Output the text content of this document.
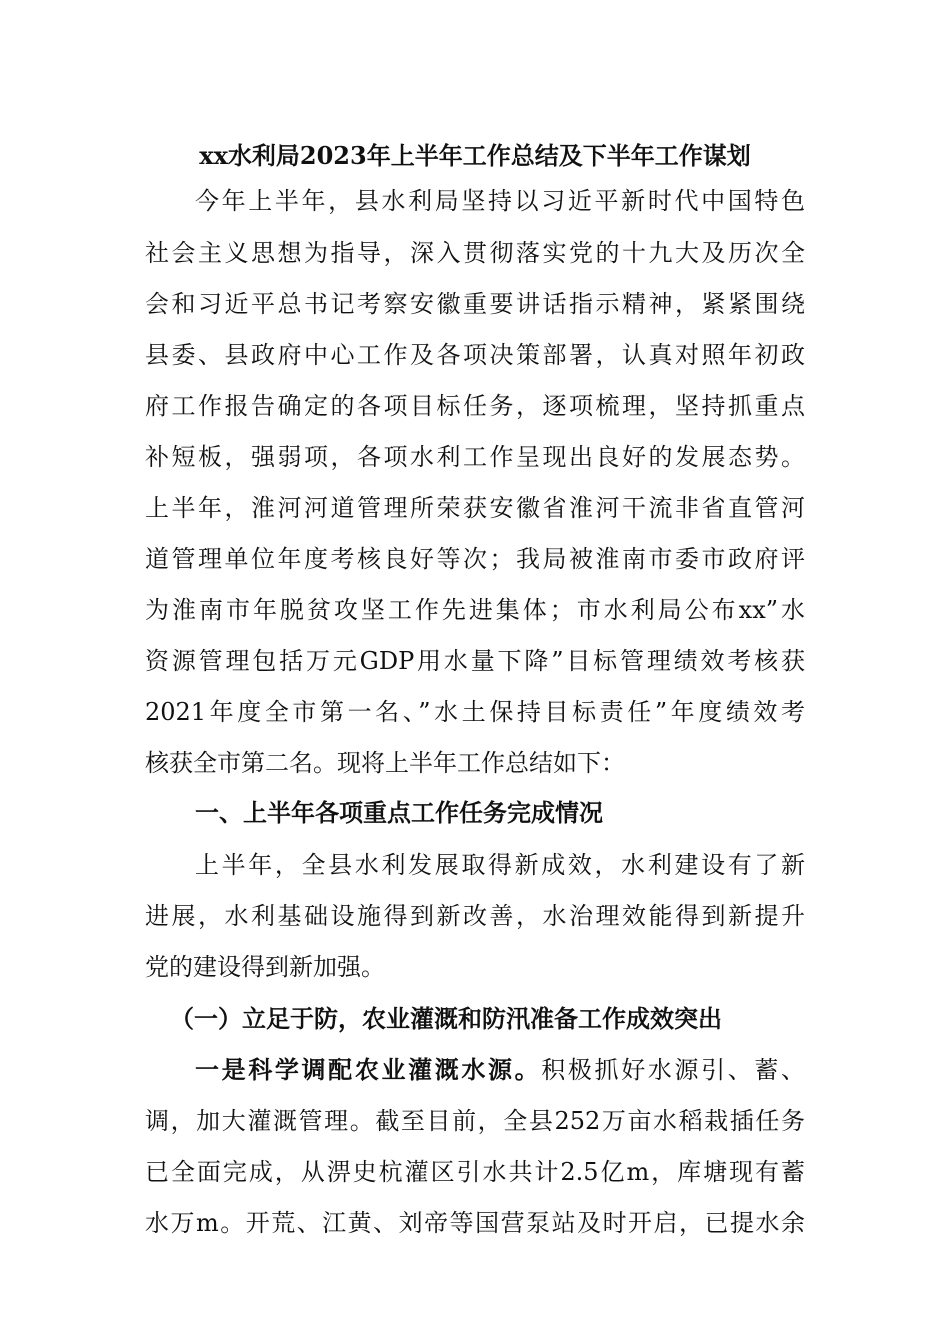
xx水利局2023年上半年工作总结及下半年工作谋划
今年上半年，县水利局坚持以习近平新时代中国特色
社会主义思想为指导，深入贯彻落实党的十九大及历次全
会和习近平总书记考察安徽重要讲话指示精神，紧紧围绕
县委、县政府中心工作及各项决策部署，认真对照年初政
府工作报告确定的各项目标任务，逐项梳理，坚持抓重点
补短板，强弱项，各项水利工作呈现出良好的发展态势。
上半年，淮河河道管理所荣获安徽省淮河干流非省直管河
道管理单位年度考核良好等次；我局被淮南市委市政府评
为淮南市年脱贫攻坚工作先进集体；市水利局公布xx”水
资源管理包括万元GDP用水量下降”目标管理绩效考核获
2021年度全市第一名、”水土保持目标责任”年度绩效考
核获全市第二名。现将上半年工作总结如下：
一、上半年各项重点工作任务完成情况
上半年，全县水利发展取得新成效，水利建设有了新
进展，水利基础设施得到新改善，水治理效能得到新提升
党的建设得到新加强。
（一）立足于防，农业灌溉和防汛准备工作成效突出
一是科学调配农业灌溉水源。积极抓好水源引、蓄、
调，加大灌溉管理。截至目前，全县252万亩水稻栽插任务
已全面完成，从淠史杭灌区引水共计2.5亿m，库塘现有蓄
水万m。开荒、江黄、刘帝等国营泵站及时开启，已提水余
